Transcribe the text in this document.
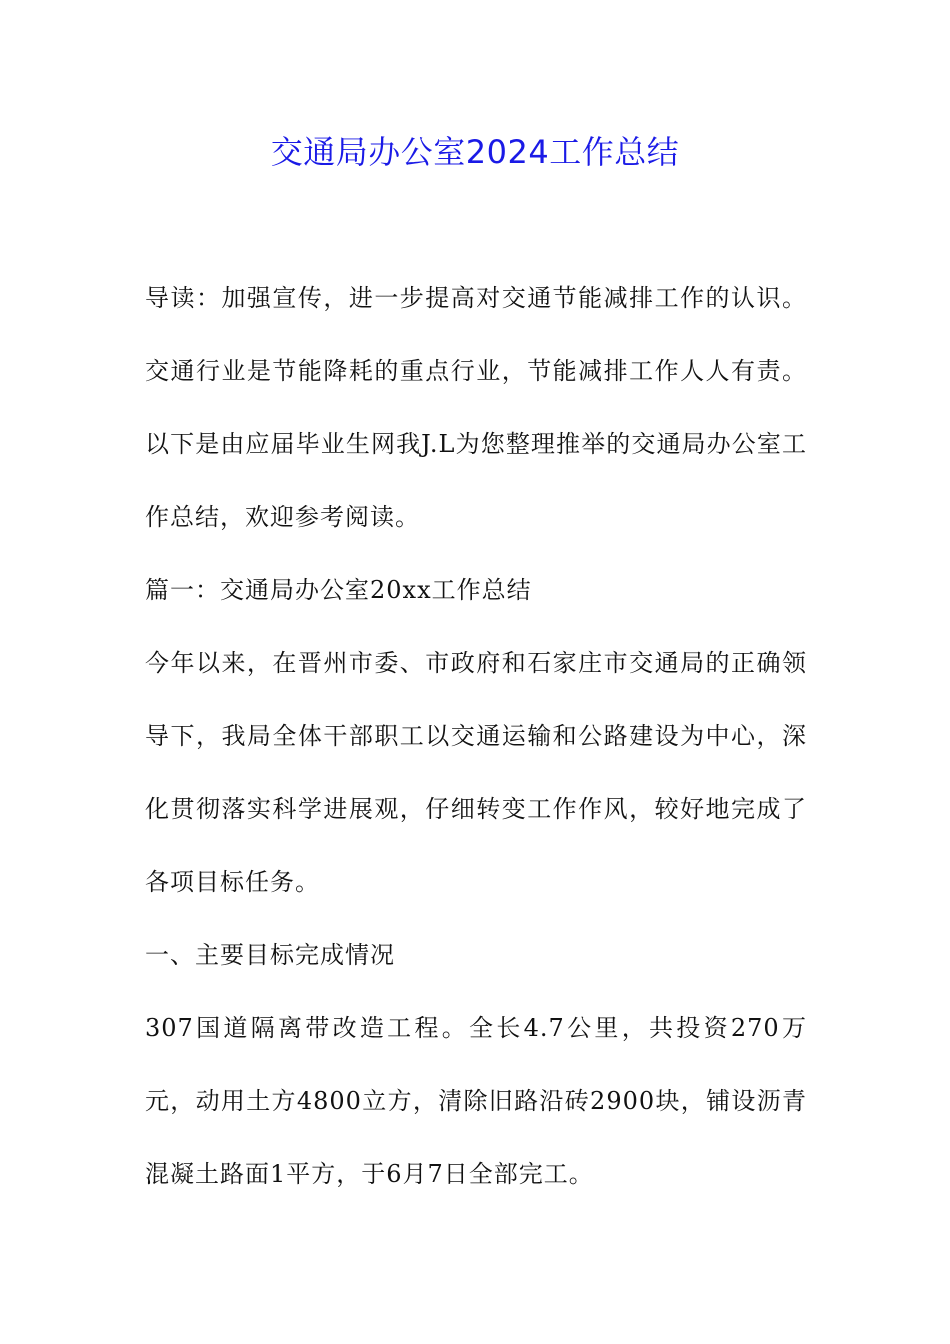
交通局办公室2024工作总结

导读：加强宣传，进一步提高对交通节能减排工作的认识。交通行业是节能降耗的重点行业，节能减排工作人人有责。以下是由应届毕业生网我J.L为您整理推举的交通局办公室工作总结，欢迎参考阅读。

篇一：交通局办公室20xx工作总结

今年以来，在晋州市委、市政府和石家庄市交通局的正确领导下，我局全体干部职工以交通运输和公路建设为中心，深化贯彻落实科学进展观，仔细转变工作作风，较好地完成了各项目标任务。

一、主要目标完成情况

307国道隔离带改造工程。全长4.7公里，共投资270万元，动用土方4800立方，清除旧路沿砖2900块，铺设沥青混凝土路面1平方，于6月7日全部完工。
